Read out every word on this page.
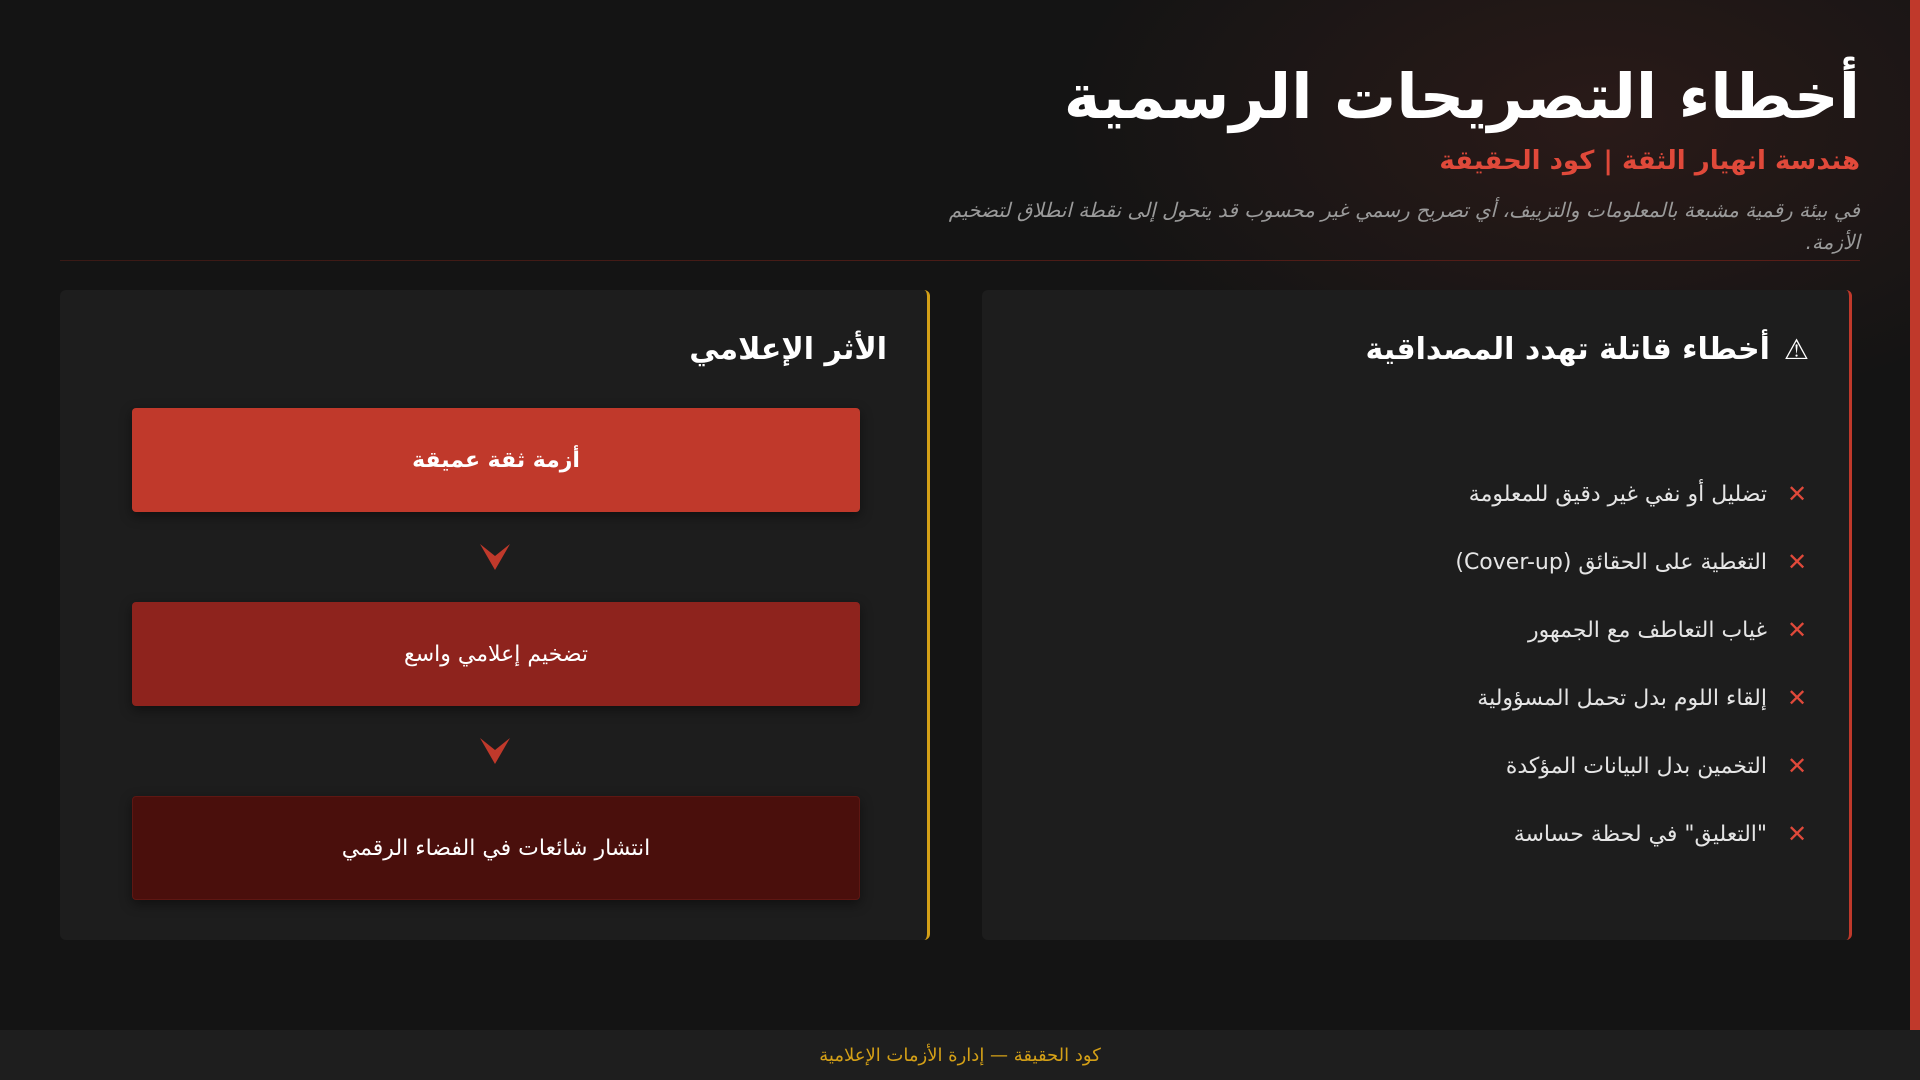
أخطاء التصريحات الرسمية
هندسة انهيار الثقة | كود الحقيقة
في بيئة رقمية مشبعة بالمعلومات والتزييف، أي تصريح رسمي غير محسوب قد يتحول إلى نقطة انطلاق لتضخيم الأزمة.
⚠
أخطاء قاتلة تهدد المصداقية
✕
تضليل أو نفي غير دقيق للمعلومة
✕
التغطية على الحقائق (Cover-up)
✕
غياب التعاطف مع الجمهور
✕
إلقاء اللوم بدل تحمل المسؤولية
✕
التخمين بدل البيانات المؤكدة
✕
"التعليق" في لحظة حساسة
الأثر الإعلامي
أزمة ثقة عميقة
تضخيم إعلامي واسع
انتشار شائعات في الفضاء الرقمي
كود الحقيقة — إدارة الأزمات الإعلامية
